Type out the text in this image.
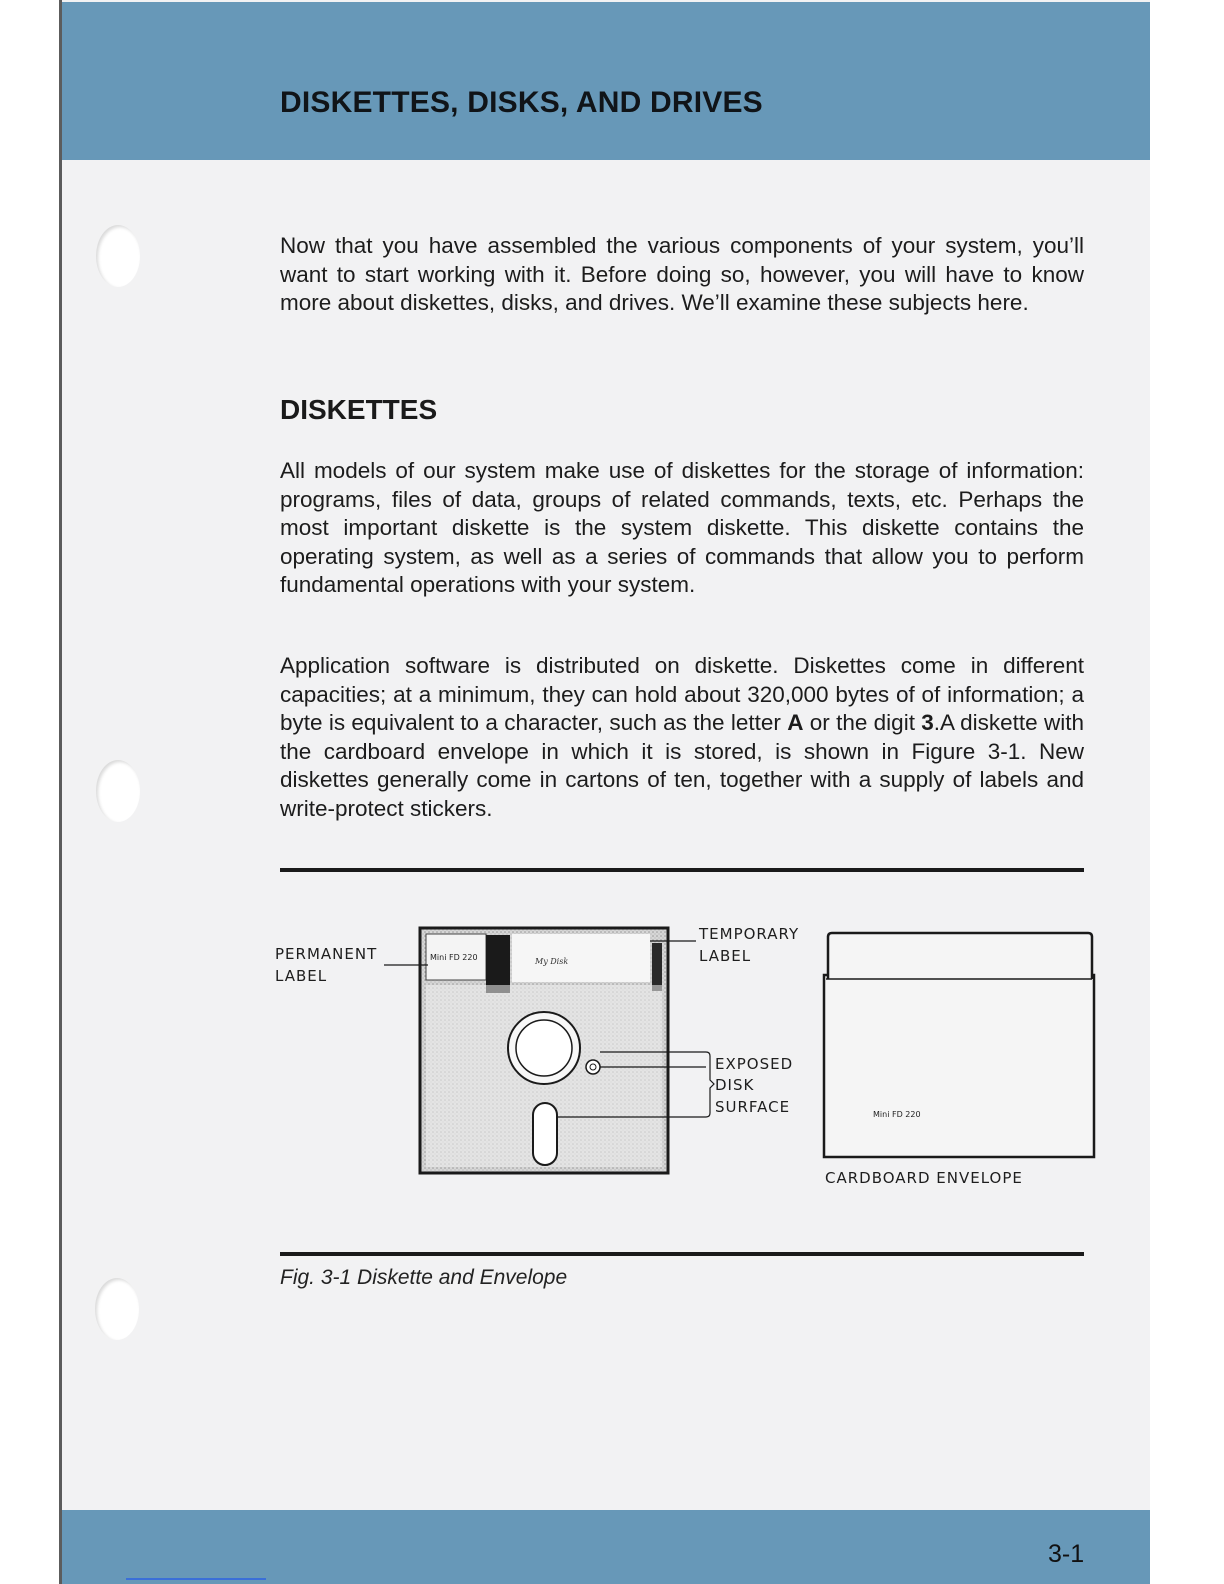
DISKETTES, DISKS, AND DRIVES

Now that you have assembled the various components of your system, you’ll want to start working with it. Before doing so, however, you will have to know more about diskettes, disks, and drives. We’ll examine these subjects here.

DISKETTES

All models of our system make use of diskettes for the storage of information: programs, files of data, groups of related commands, texts, etc. Perhaps the most important diskette is the system diskette. This diskette contains the operating system, as well as a series of commands that allow you to perform fundamental operations with your system.

Application software is distributed on diskette. Diskettes come in different capacities; at a minimum, they can hold about 320,000 bytes of of information; a byte is equivalent to a character, such as the letter A or the digit 3.A diskette with the cardboard envelope in which it is stored, is shown in Figure 3-1. New diskettes generally come in cartons of ten, together with a supply of labels and write-protect stickers.

Mini FD 220	My Disk
PERMANENT
LABEL
TEMPORARY
LABEL
EXPOSED
DISK
SURFACE	Mini FD 220
CARDBOARD ENVELOPE
Fig. 3-1 Diskette and Envelope
3-1
